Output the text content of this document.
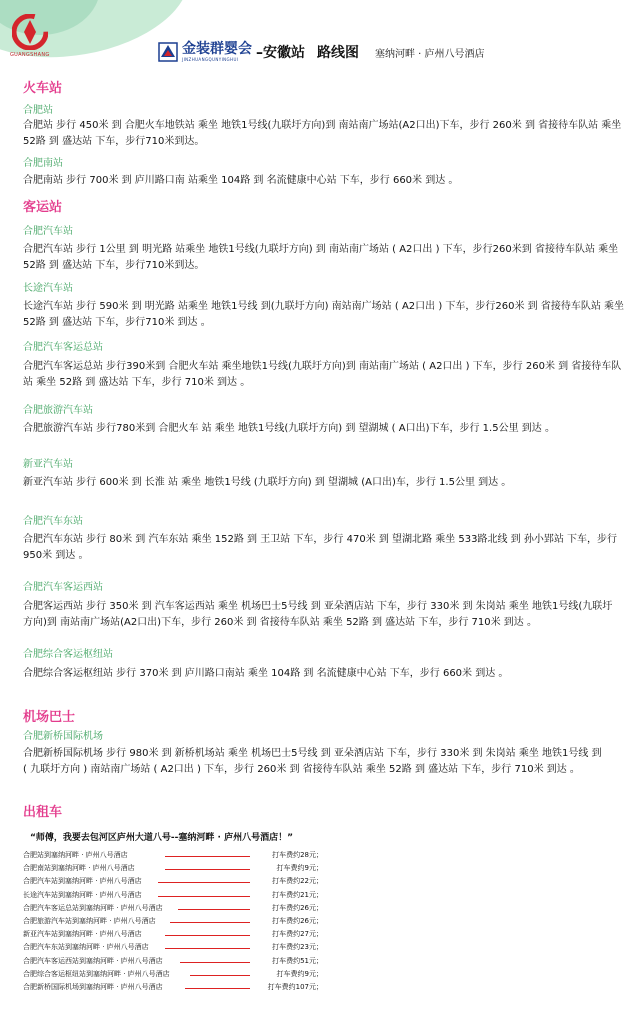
GUANGSHANG	金装群婴会
JINZHUANGQUNYINGHUI	–安徽站 路线图 塞纳河畔 · 庐州八号酒店
火车站
客运站
机场巴士
出租车
合肥站
合肥站 步行 450米 到 合肥火车地铁站 乘坐 地铁1号线(九联圩方向)到 南站南广场站(A2口出)下车，步行 260米 到 省接待车队站 乘坐
52路 到 盛达站 下车，步行710米到达。
合肥南站
合肥南站 步行 700米 到 庐川路口南 站乘坐 104路 到 名流健康中心站 下车，步行 660米 到达 。
合肥汽车站
合肥汽车站 步行 1公里 到 明光路 站乘坐 地铁1号线(九联圩方向) 到 南站南广场站 ( A2口出 ) 下车，步行260米到 省接待车队站 乘坐
52路 到 盛达站 下车，步行710米到达。
长途汽车站
长途汽车站 步行 590米 到 明光路 站乘坐 地铁1号线 到(九联圩方向) 南站南广场站 ( A2口出 ) 下车，步行260米 到 省接待车队站 乘坐
52路 到 盛达站 下车，步行710米 到达 。
合肥汽车客运总站
合肥汽车客运总站 步行390米到 合肥火车站 乘坐地铁1号线(九联圩方向)到 南站南广场站 ( A2口出 ) 下车，步行 260米 到 省接待车队
站 乘坐 52路 到 盛达站 下车，步行 710米 到达 。
合肥旅游汽车站
合肥旅游汽车站 步行780米到 合肥火车 站 乘坐 地铁1号线(九联圩方向) 到 望湖城 ( A口出)下车，步行 1.5公里 到达 。
新亚汽车站
新亚汽车站 步行 600米 到 长淮 站 乘坐 地铁1号线 (九联圩方向) 到 望湖城 (A口出)车，步行 1.5公里 到达 。
合肥汽车东站
合肥汽车东站 步行 80米 到 汽车东站 乘坐 152路 到 王卫站 下车，步行 470米 到 望湖北路 乘坐 533路北线 到 孙小郢站 下车，步行
950米 到达 。
合肥汽车客运西站
合肥客运西站 步行 350米 到 汽车客运西站 乘坐 机场巴士5号线 到 亚朵酒店站 下车，步行 330米 到 朱岗站 乘坐 地铁1号线(九联圩
方向)到 南站南广场站(A2口出)下车，步行 260米 到 省接待车队站 乘坐 52路 到 盛达站 下车，步行 710米 到达 。
合肥综合客运枢纽站
合肥综合客运枢纽站 步行 370米 到 庐川路口南站 乘坐 104路 到 名流健康中心站 下车，步行 660米 到达 。
合肥新桥国际机场
合肥新桥国际机场 步行 980米 到 新桥机场站 乘坐 机场巴士5号线 到 亚朵酒店站 下车，步行 330米 到 朱岗站 乘坐 地铁1号线 到
( 九联圩方向 ) 南站南广场站 ( A2口出 ) 下车，步行 260米 到 省接待车队站 乘坐 52路 到 盛达站 下车，步行 710米 到达 。
“师傅，我要去包河区庐州大道八号--塞纳河畔 · 庐州八号酒店！”
合肥站到塞纳河畔 · 庐州八号酒店	打车费约28元；
合肥南站到塞纳河畔 · 庐州八号酒店	打车费约9元；
合肥汽车站到塞纳河畔 · 庐州八号酒店	打车费约22元；
长途汽车站到塞纳河畔 · 庐州八号酒店	打车费约21元；
合肥汽车客运总站到塞纳河畔 · 庐州八号酒店	打车费约26元；
合肥旅游汽车站到塞纳河畔 · 庐州八号酒店	打车费约26元；
新亚汽车站到塞纳河畔 · 庐州八号酒店	打车费约27元；
合肥汽车东站到塞纳河畔 · 庐州八号酒店	打车费约23元；
合肥汽车客运西站到塞纳河畔 · 庐州八号酒店	打车费约51元；
合肥综合客运枢纽站到塞纳河畔 · 庐州八号酒店	打车费约9元；
合肥新桥国际机场到塞纳河畔 · 庐州八号酒店	打车费约107元；
